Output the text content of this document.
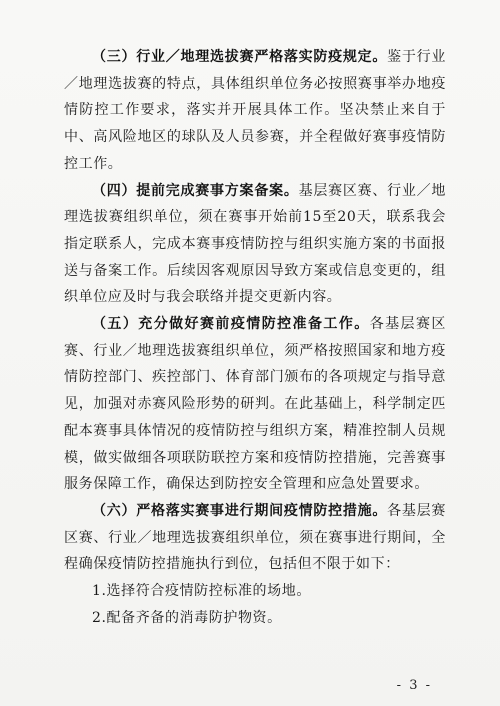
（三）行业／地理选拔赛严格落实防疫规定。鉴于行业／地理选拔赛的特点，具体组织单位务必按照赛事举办地疫情防控工作要求，落实并开展具体工作。坚决禁止来自于中、高风险地区的球队及人员参赛，并全程做好赛事疫情防控工作。

（四）提前完成赛事方案备案。基层赛区赛、行业／地理选拔赛组织单位，须在赛事开始前15至20天，联系我会指定联系人，完成本赛事疫情防控与组织实施方案的书面报送与备案工作。后续因客观原因导致方案或信息变更的，组织单位应及时与我会联络并提交更新内容。

（五）充分做好赛前疫情防控准备工作。各基层赛区赛、行业／地理选拔赛组织单位，须严格按照国家和地方疫情防控部门、疾控部门、体育部门颁布的各项规定与指导意见，加强对赤赛风险形势的研判。在此基础上，科学制定匹配本赛事具体情况的疫情防控与组织方案，精准控制人员规模，做实做细各项联防联控方案和疫情防控措施，完善赛事服务保障工作，确保达到防控安全管理和应急处置要求。

（六）严格落实赛事进行期间疫情防控措施。各基层赛区赛、行业／地理选拔赛组织单位，须在赛事进行期间，全程确保疫情防控措施执行到位，包括但不限于如下：

1.选择符合疫情防控标准的场地。

2.配备齐备的消毒防护物资。

- 3 -
